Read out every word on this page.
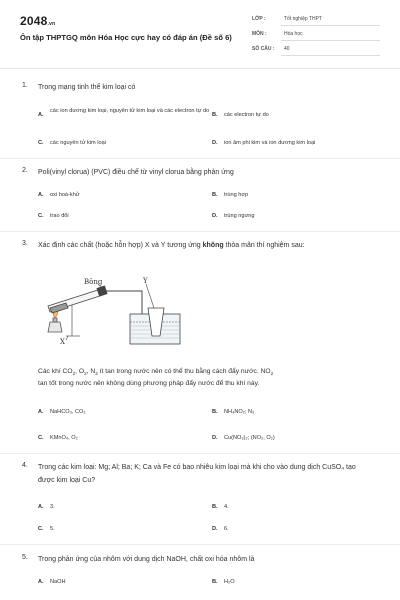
2048.vn
Ôn tập THPTGQ môn Hóa Học cực hay có đáp án (Đề số 6)
LỚP :	Tốt nghiệp THPT
MÔN :	Hóa học
SỐ CÂU : 40
1. Trong mạng tinh thể kim loại có
A.
các ion dương kim loại, nguyên tử kim loại và các electron tự do
B. các electron tự do
C. các nguyên tử kim loại	D. ion âm phi kim và ion dương kim loại
2. Poli(vinyl clorua) (PVC) điều chế từ vinyl clorua bằng phản ứng
A. oxi hoá-khử	B. trùng hợp
C. trao đổi	D. trùng ngưng
3. Xác định các chất (hoặc hỗn hợp) X và Y tương ứng không thỏa mãn thí nghiệm sau:
Bông	Y
X
Các khí $CO_2$, $O_2$, $N_2$ ít tan trong nước nên có thể thu bằng cách đẩy nước. $NO_2$
tan tốt trong nước nên không dùng phương pháp đẩy nước để thu khí này.
A. NaHCO₃, CO₂	B. NH₄NO₂; N₂
C. KMnO₄, O₂	D. Cu(NO₃)₂; (NO₂, O₂)
4. Trong các kim loại: Mg; Al; Ba; K; Ca và Fe có bao nhiêu kim loại mà khi cho vào dung dịch CuSO₄ tạo được kim loại Cu?
A. 3.	B. 4.
C. 5.	D. 6.
5. Trong phản ứng của nhôm với dung dịch NaOH, chất oxi hóa nhôm là
A. NaOH	B. H₂O
